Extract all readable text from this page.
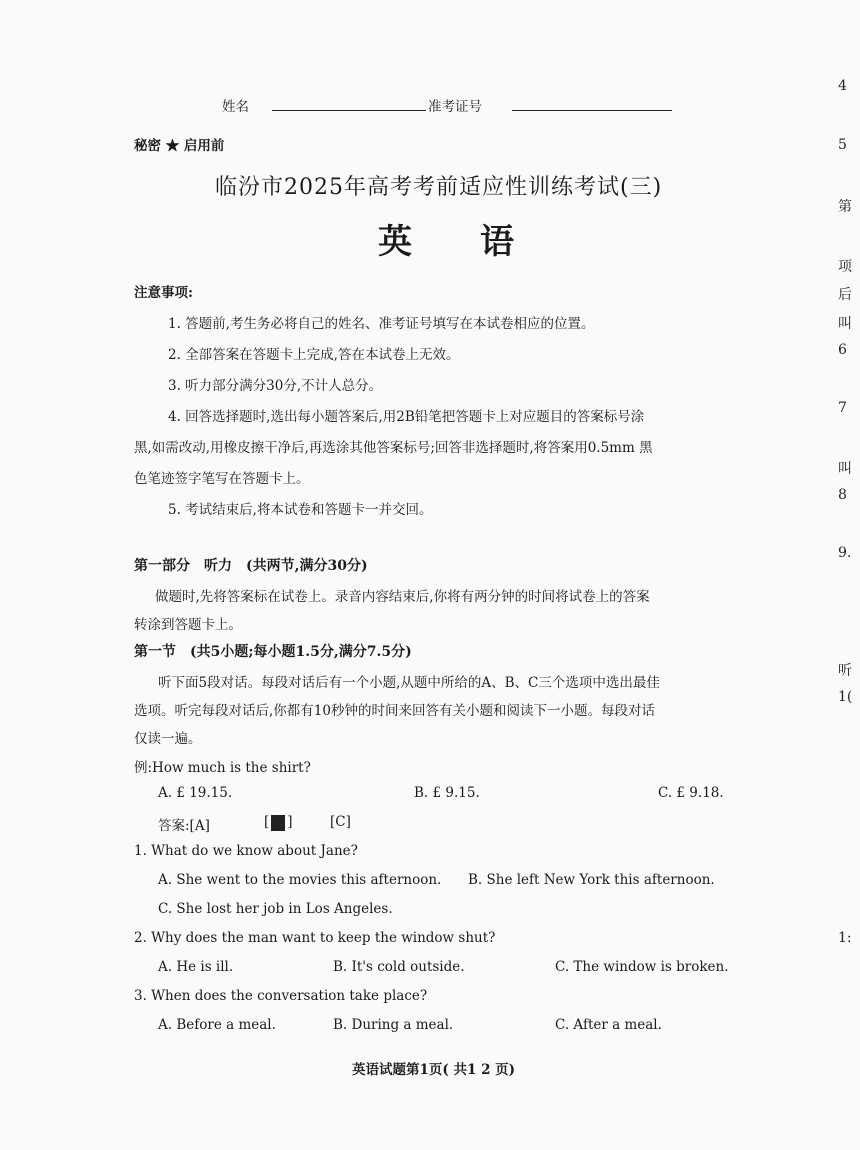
姓名	准考证号
秘密 ★ 启用前
临汾市2025年高考考前适应性训练考试(三)
英　　语
注意事项:
1. 答题前,考生务必将自己的姓名、准考证号填写在本试卷相应的位置。
2. 全部答案在答题卡上完成,答在本试卷上无效。
3. 听力部分满分30分,不计人总分。
4. 回答选择题时,选出每小题答案后,用2B铅笔把答题卡上对应题目的答案标号涂
黑,如需改动,用橡皮擦干净后,再选涂其他答案标号;回答非选择题时,将答案用0.5mm 黑
色笔迹签字笔写在答题卡上。
5. 考试结束后,将本试卷和答题卡一并交回。
第一部分　听力　(共两节,满分30分)
做题时,先将答案标在试卷上。录音内容结束后,你将有两分钟的时间将试卷上的答案
转涂到答题卡上。
第一节　(共5小题;每小题1.5分,满分7.5分)
听下面5段对话。每段对话后有一个小题,从题中所给的A、B、C三个选项中选出最佳
选项。听完每段对话后,你都有10秒钟的时间来回答有关小题和阅读下一小题。每段对话
仅读一遍。
例:How much is the shirt?
A. £ 19.15.	B. £ 9.15.	C. £ 9.18.
答案:[A]	[ ]	[C]
1. What do we know about Jane?
A. She went to the movies this afternoon. B. She left New York this afternoon.
C. She lost her job in Los Angeles.
2. Why does the man want to keep the window shut?
A. He is ill.	B. It's cold outside.	C. The window is broken.
3. When does the conversation take place?
A. Before a meal.	B. During a meal.	C. After a meal.
英语试题第1页( 共1 2 页)
4
5
第
项
后
叫
6
7
叫
8
9.
听
1(
1:
